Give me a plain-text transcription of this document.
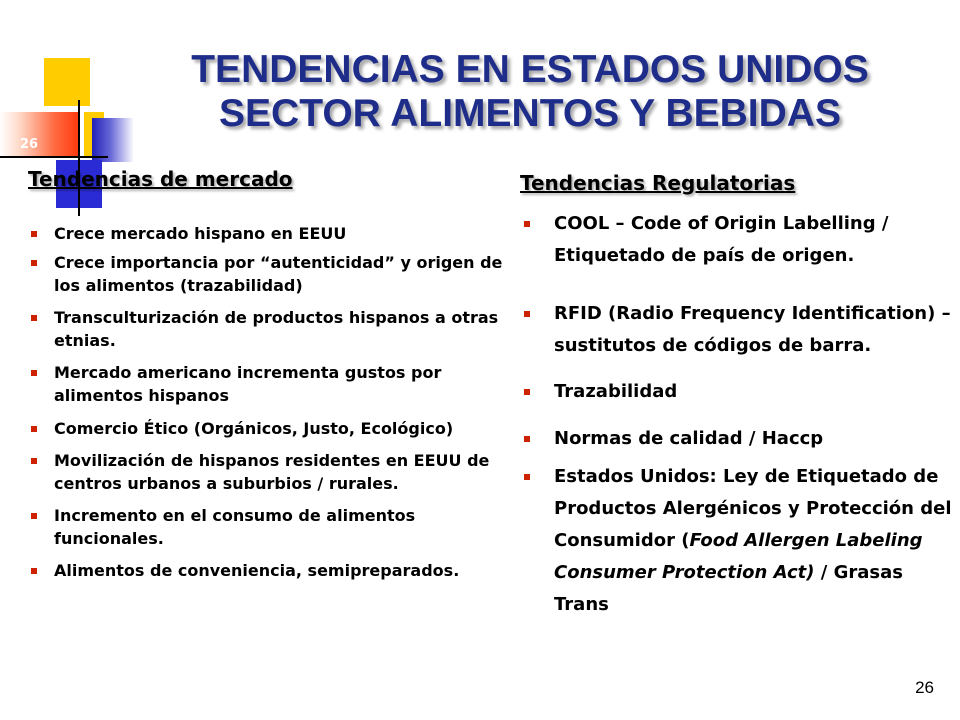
26
TENDENCIAS EN ESTADOS UNIDOS
SECTOR ALIMENTOS Y BEBIDAS
Tendencias de mercado
Crece mercado hispano en EEUU
Crece importancia por “autenticidad” y origen de los alimentos (trazabilidad)
Transculturización de productos hispanos a otras etnias.
Mercado americano incrementa gustos por alimentos hispanos
Comercio Ético (Orgánicos, Justo, Ecológico)
Movilización de hispanos residentes en EEUU de centros urbanos a suburbios / rurales.
Incremento en el consumo de alimentos funcionales.
Alimentos de conveniencia, semipreparados.
Tendencias Regulatorias
COOL – Code of Origin Labelling / Etiquetado de país de origen.
RFID (Radio Frequency Identification) – sustitutos de códigos de barra.
Trazabilidad
Normas de calidad / Haccp
Estados Unidos: Ley de Etiquetado de Productos Alergénicos y Protección del Consumidor (Food Allergen Labeling Consumer Protection Act) / Grasas Trans
26
